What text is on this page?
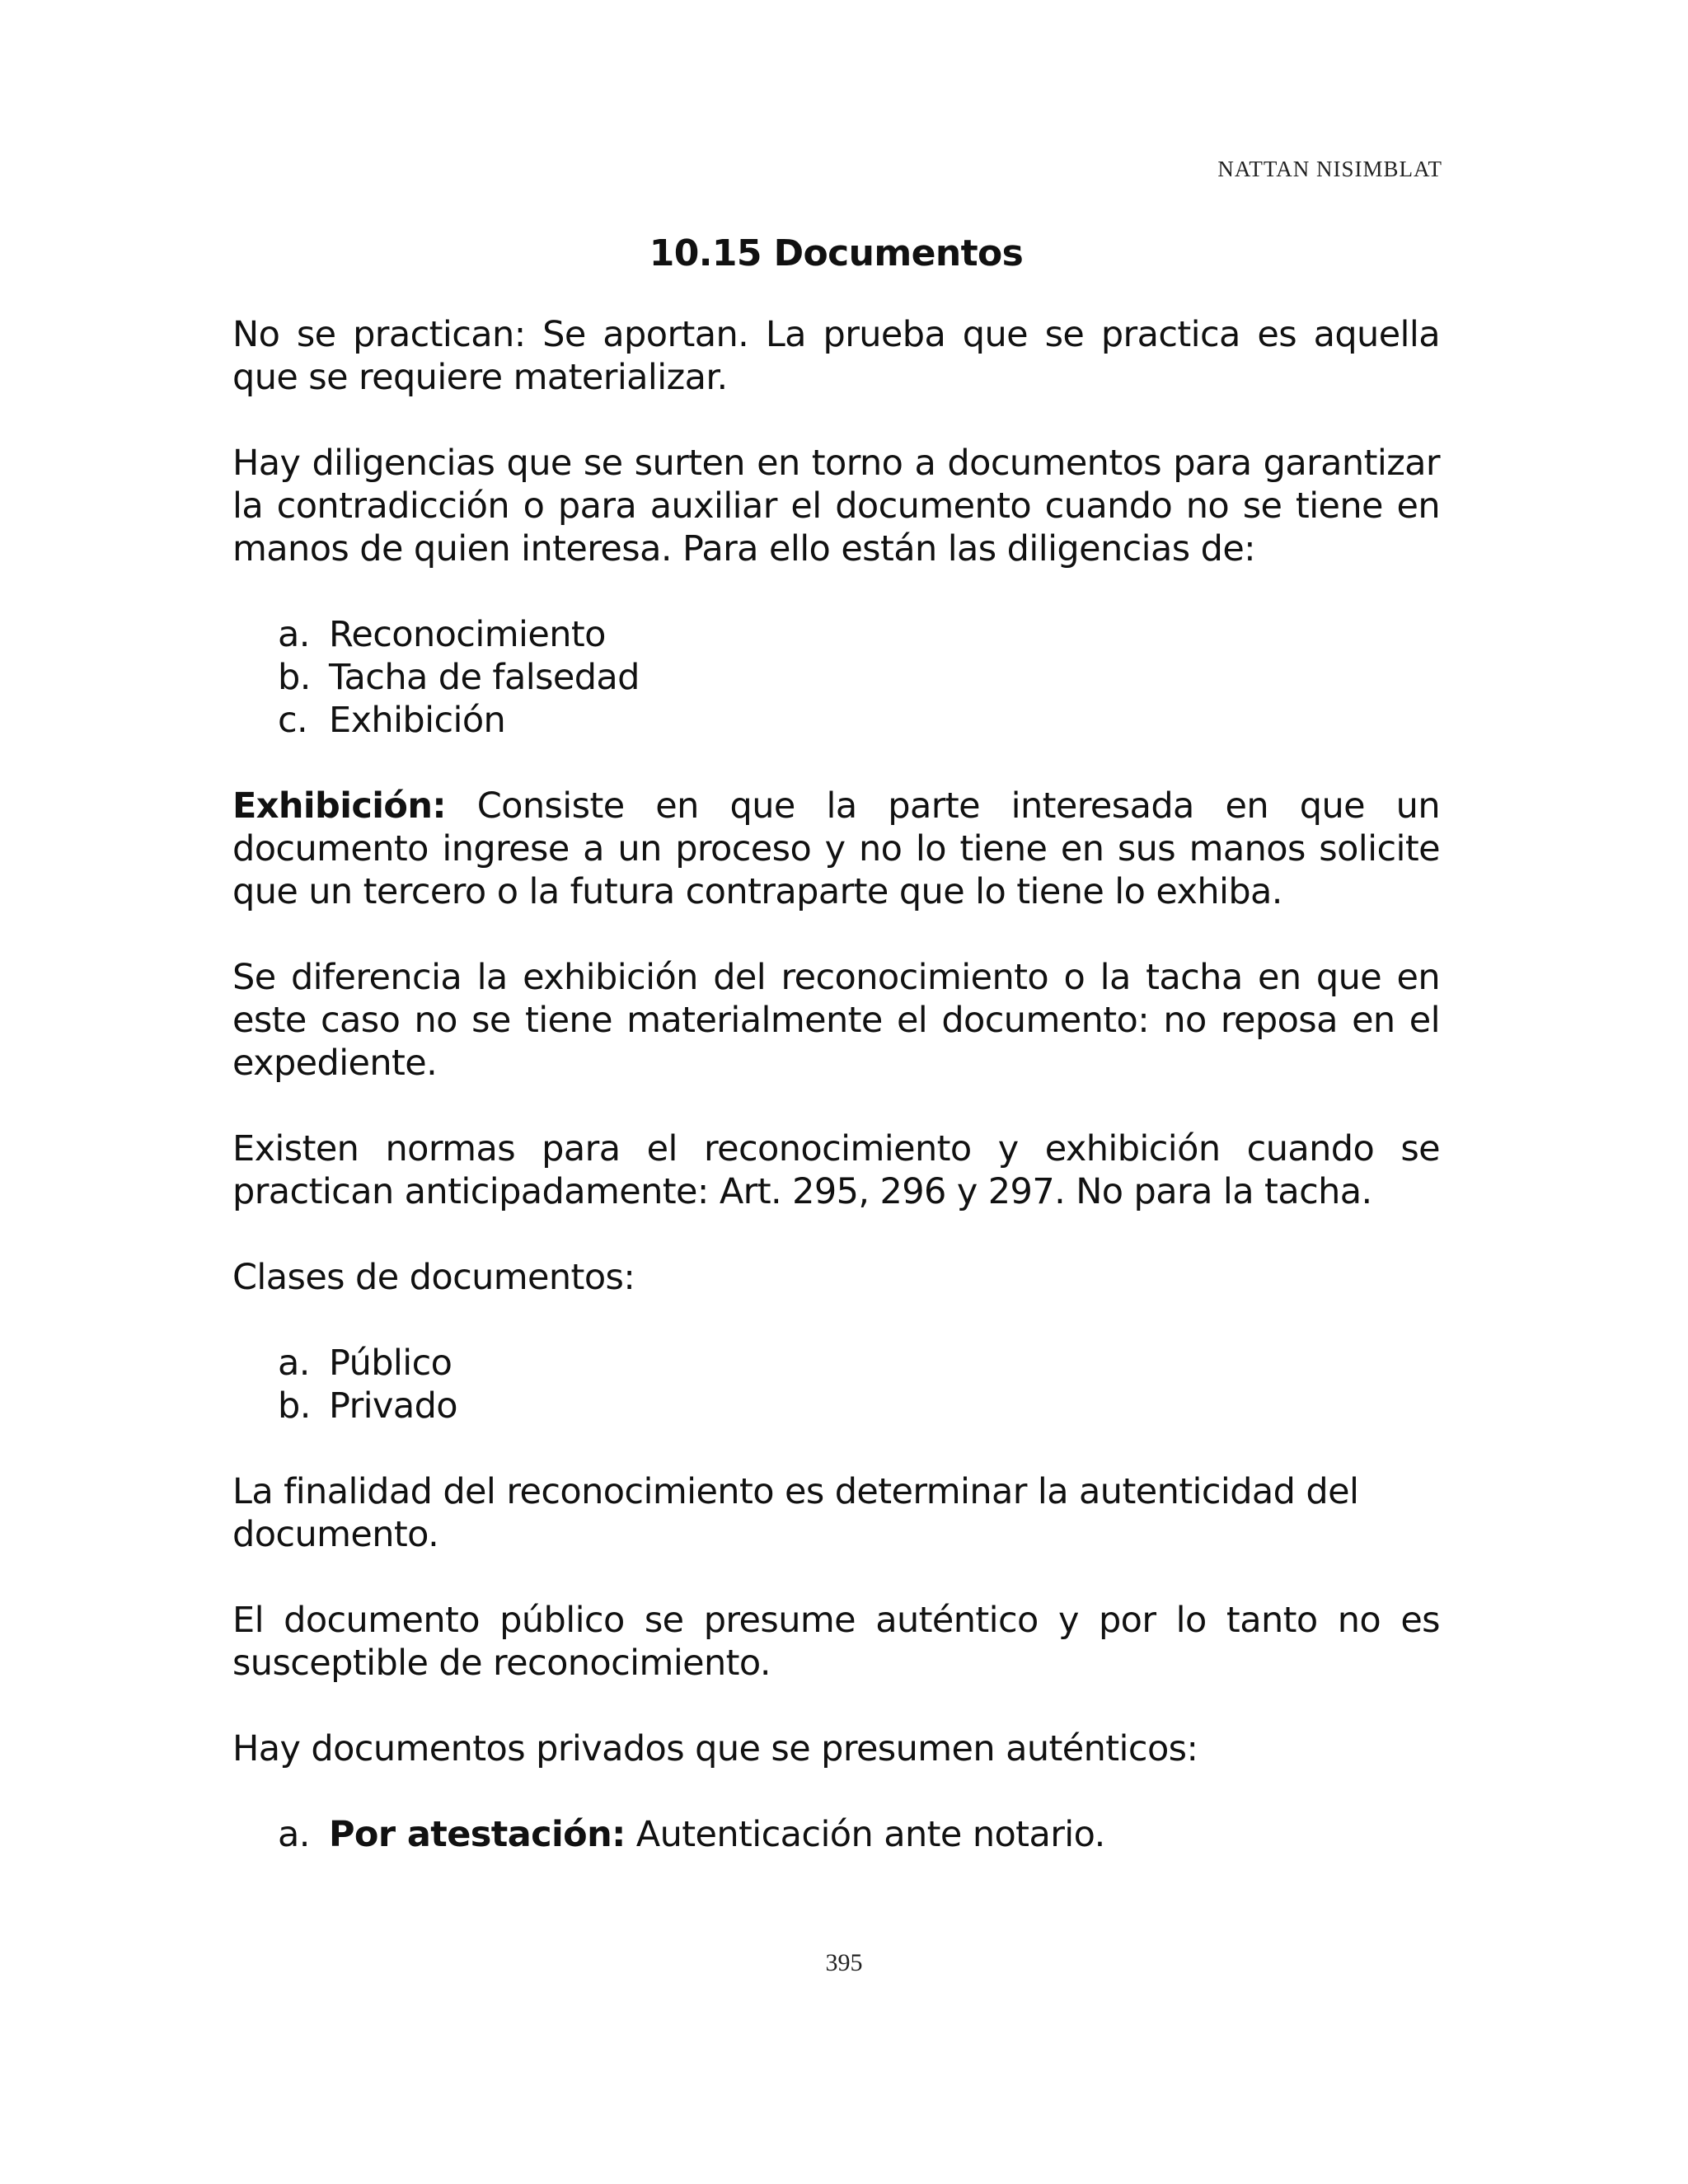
NATTAN NISIMBLAT
10.15 Documentos

No se practican: Se aportan. La prueba que se practica es aquella que se requiere materializar.

Hay diligencias que se surten en torno a documentos para garantizar la contradicción o para auxiliar el documento cuando no se tiene en manos de quien interesa. Para ello están las diligencias de:

a. Reconocimiento
b. Tacha de falsedad
c. Exhibición

Exhibición: Consiste en que la parte interesada en que un documento ingrese a un proceso y no lo tiene en sus manos solicite que un tercero o la futura contraparte que lo tiene lo exhiba.

Se diferencia la exhibición del reconocimiento o la tacha en que en este caso no se tiene materialmente el documento: no reposa en el expediente.

Existen normas para el reconocimiento y exhibición cuando se practican anticipadamente: Art. 295, 296 y 297. No para la tacha.

Clases de documentos:

a. Público
b. Privado

La finalidad del reconocimiento es determinar la autenticidad del documento.

El documento público se presume auténtico y por lo tanto no es susceptible de reconocimiento.

Hay documentos privados que se presumen auténticos:

a. Por atestación: Autenticación ante notario.
395
